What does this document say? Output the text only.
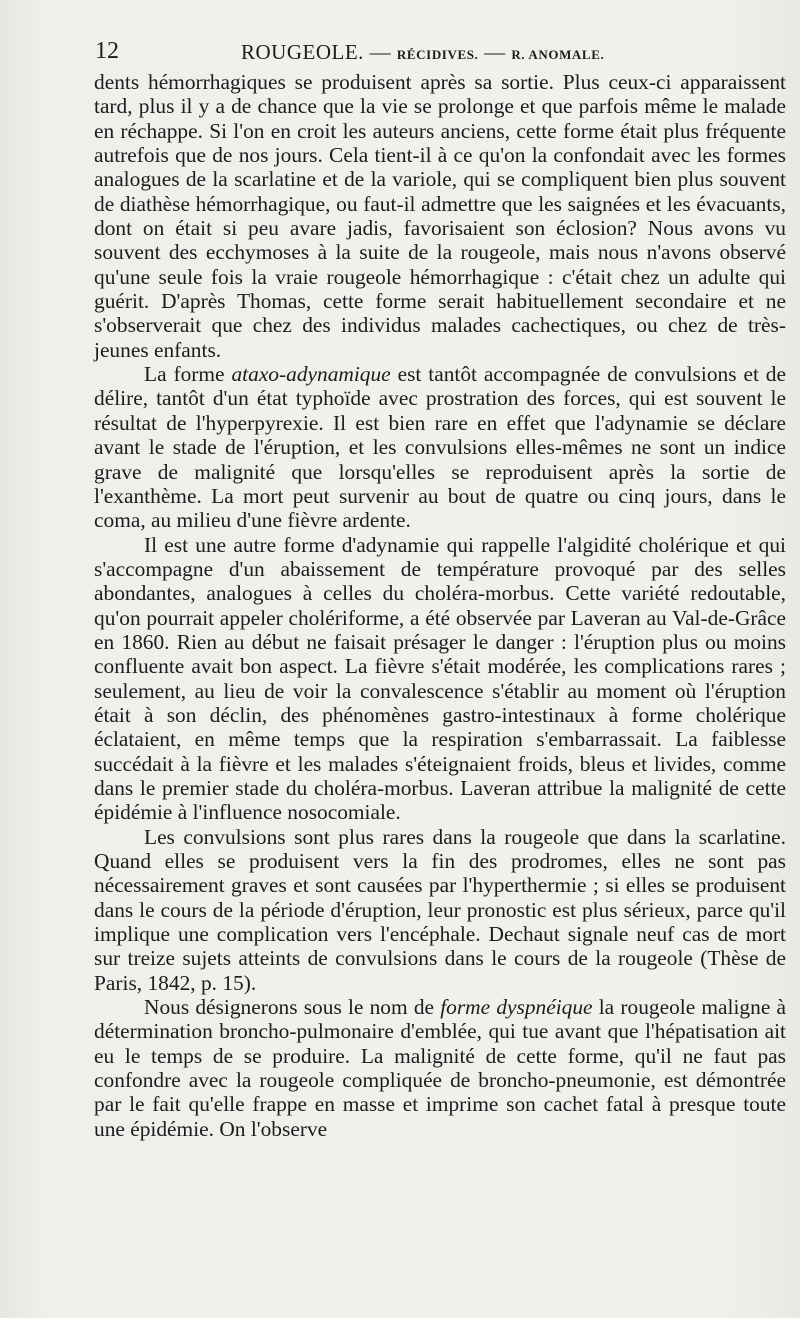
12	ROUGEOLE. — RÉCIDIVES. — R. ANOMALE.

dents hémorrhagiques se produisent après sa sortie. Plus ceux-ci apparaissent tard, plus il y a de chance que la vie se prolonge et que parfois même le malade en réchappe. Si l'on en croit les auteurs anciens, cette forme était plus fréquente autrefois que de nos jours. Cela tient-il à ce qu'on la confondait avec les formes analogues de la scarlatine et de la variole, qui se compliquent bien plus souvent de diathèse hémorrhagique, ou faut-il admettre que les saignées et les évacuants, dont on était si peu avare jadis, favorisaient son éclosion? Nous avons vu souvent des ecchymoses à la suite de la rougeole, mais nous n'avons observé qu'une seule fois la vraie rougeole hémorrhagique : c'était chez un adulte qui guérit. D'après Thomas, cette forme serait habituellement secondaire et ne s'observerait que chez des individus malades cachectiques, ou chez de très-jeunes enfants.

La forme ataxo-adynamique est tantôt accompagnée de convulsions et de délire, tantôt d'un état typhoïde avec prostration des forces, qui est souvent le résultat de l'hyperpyrexie. Il est bien rare en effet que l'adynamie se déclare avant le stade de l'éruption, et les convulsions elles-mêmes ne sont un indice grave de malignité que lorsqu'elles se reproduisent après la sortie de l'exanthème. La mort peut survenir au bout de quatre ou cinq jours, dans le coma, au milieu d'une fièvre ardente.

Il est une autre forme d'adynamie qui rappelle l'algidité cholérique et qui s'accompagne d'un abaissement de température provoqué par des selles abondantes, analogues à celles du choléra-morbus. Cette variété redoutable, qu'on pourrait appeler cholériforme, a été observée par Laveran au Val-de-Grâce en 1860. Rien au début ne faisait présager le danger : l'éruption plus ou moins confluente avait bon aspect. La fièvre s'était modérée, les complications rares ; seulement, au lieu de voir la convalescence s'établir au moment où l'éruption était à son déclin, des phénomènes gastro-intestinaux à forme cholérique éclataient, en même temps que la respiration s'embarrassait. La faiblesse succédait à la fièvre et les malades s'éteignaient froids, bleus et livides, comme dans le premier stade du choléra-morbus. Laveran attribue la malignité de cette épidémie à l'influence nosocomiale.

Les convulsions sont plus rares dans la rougeole que dans la scarlatine. Quand elles se produisent vers la fin des prodromes, elles ne sont pas nécessairement graves et sont causées par l'hyperthermie ; si elles se produisent dans le cours de la période d'éruption, leur pronostic est plus sérieux, parce qu'il implique une complication vers l'encéphale. Dechaut signale neuf cas de mort sur treize sujets atteints de convulsions dans le cours de la rougeole (Thèse de Paris, 1842, p. 15).

Nous désignerons sous le nom de forme dyspnéique la rougeole maligne à détermination broncho-pulmonaire d'emblée, qui tue avant que l'hépatisation ait eu le temps de se produire. La malignité de cette forme, qu'il ne faut pas confondre avec la rougeole compliquée de broncho-pneumonie, est démontrée par le fait qu'elle frappe en masse et imprime son cachet fatal à presque toute une épidémie. On l'observe
